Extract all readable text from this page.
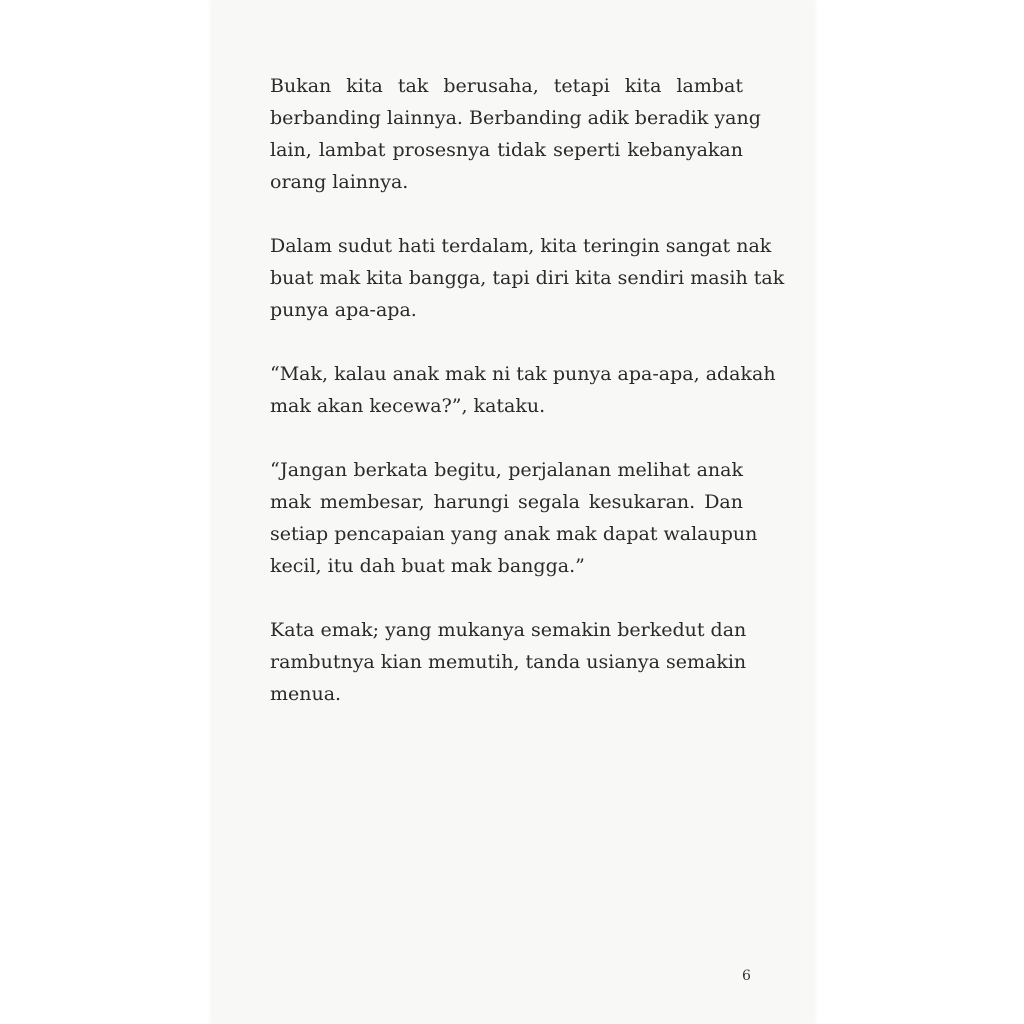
Bukan kita tak berusaha, tetapi kita lambat
berbanding lainnya. Berbanding adik beradik yang
lain, lambat prosesnya tidak seperti kebanyakan
orang lainnya.

Dalam sudut hati terdalam, kita teringin sangat nak
buat mak kita bangga, tapi diri kita sendiri masih tak
punya apa-apa.

“Mak, kalau anak mak ni tak punya apa-apa, adakah
mak akan kecewa?”, kataku.

“Jangan berkata begitu, perjalanan melihat anak
mak membesar, harungi segala kesukaran. Dan
setiap pencapaian yang anak mak dapat walaupun
kecil, itu dah buat mak bangga.”

Kata emak; yang mukanya semakin berkedut dan
rambutnya kian memutih, tanda usianya semakin
menua.

6
